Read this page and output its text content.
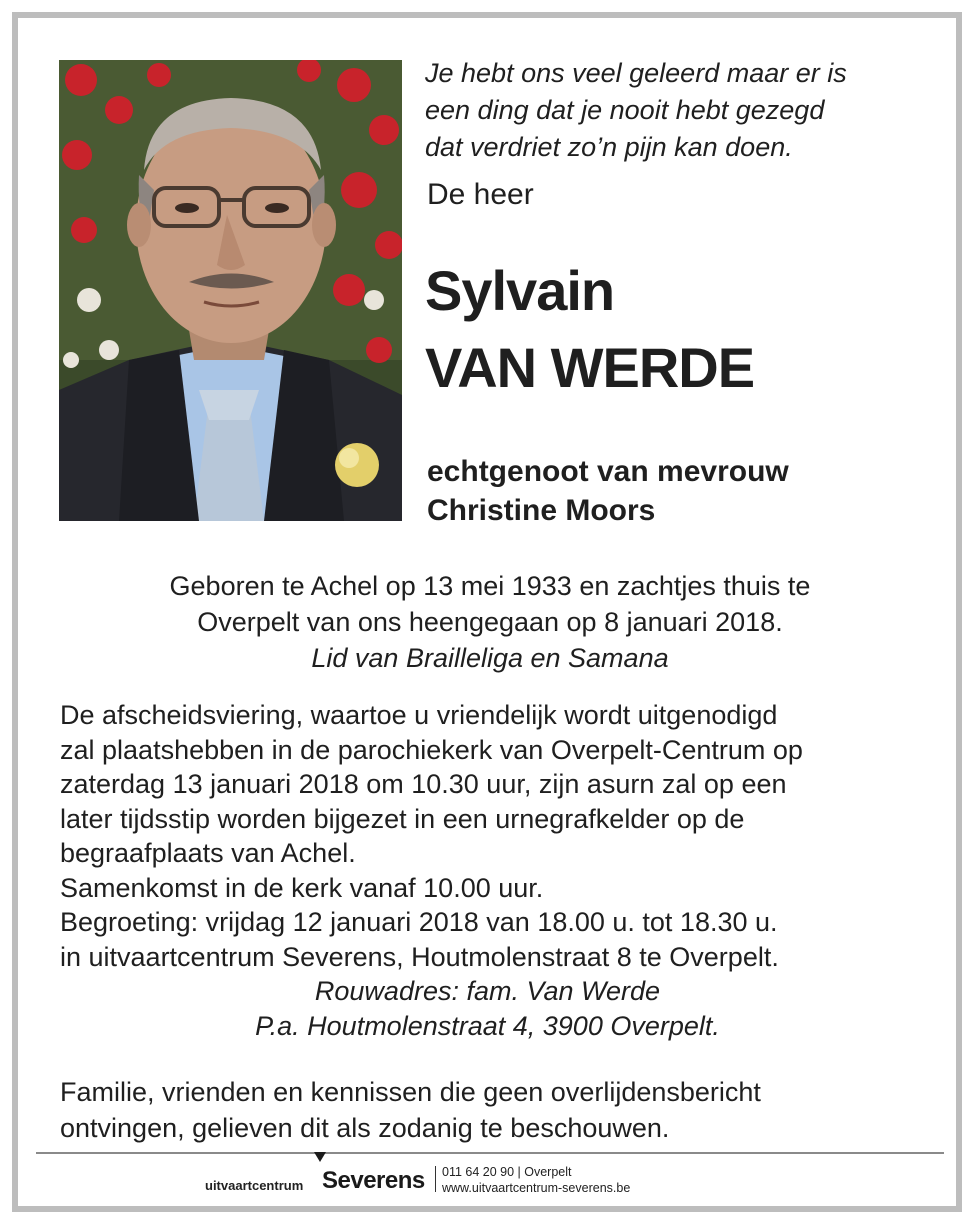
Je hebt ons veel geleerd maar er is
een ding dat je nooit hebt gezegd
dat verdriet zo’n pijn kan doen.
De heer
Sylvain
VAN WERDE
echtgenoot van mevrouw
Christine Moors
Geboren te Achel op 13 mei 1933 en zachtjes thuis te
Overpelt van ons heengegaan op 8 januari 2018.
Lid van Brailleliga en Samana
De afscheidsviering, waartoe u vriendelijk wordt uitgenodigd
zal plaatshebben in de parochiekerk van Overpelt-Centrum op
zaterdag 13 januari 2018 om 10.30 uur, zijn asurn zal op een
later tijdsstip worden bijgezet in een urnegrafkelder op de
begraafplaats van Achel.
Samenkomst in de kerk vanaf 10.00 uur.
Begroeting: vrijdag 12 januari 2018 van 18.00 u. tot 18.30 u.
in uitvaartcentrum Severens, Houtmolenstraat 8 te Overpelt.
Rouwadres: fam. Van Werde
P.a. Houtmolenstraat 4, 3900 Overpelt.
Familie, vrienden en kennissen die geen overlijdensbericht
ontvingen, gelieven dit als zodanig te beschouwen.
uitvaartcentrum Severens 011 64 20 90 | Overpelt
www.uitvaartcentrum-severens.be
